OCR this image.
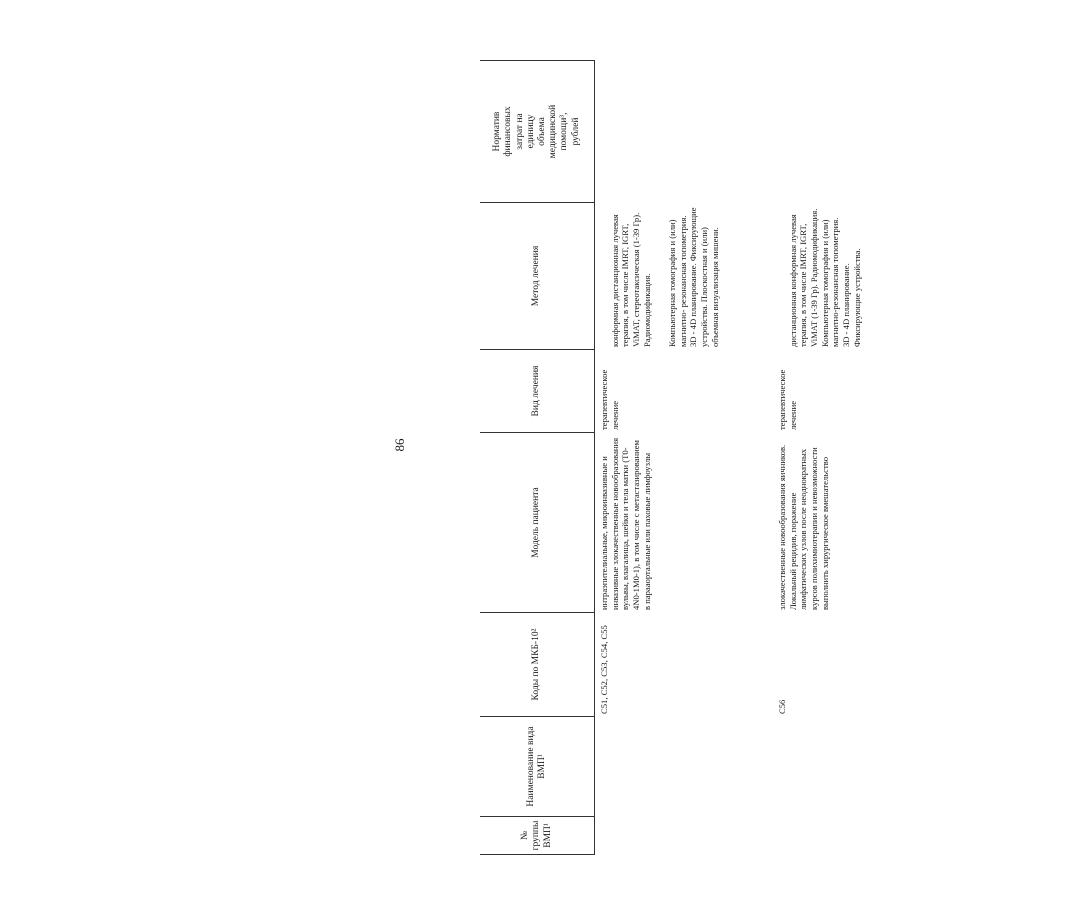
86
№
группы
ВМП¹
Наименование вида ВМП¹
Коды по МКБ-10²
Модель пациента
Вид лечения
Метод лечения
Норматив
финансовых
затрат на
единицу
объема
медицинской
помощи³,
рублей
C51, C52, C53, C54, C55
интраэпителиальные, микроинвазивные и инвазивные злокачественные новообразования вульвы, влагалища, шейки и тела матки (T0-4N0-1M0-1), в том числе с метастазированием в парааортальные или паховые лимфоузлы
терапевтическое лечение

конформная дистанционная лучевая терапия, в том числе IMRT, IGRT, ViMAT, стереотаксическая (1-39 Гр). Радиомодификация. Компьютерная томография и (или) магнитно- резонансная топометрия. 3D - 4D планирование. Фиксирующие устройства. Плоскостная и (или) объемная визуализация мишени.

C56
злокачественные новообразования яичников. Локальный рецидив, поражение лимфатических узлов после неоднократных курсов полихимиотерапии и невозможности выполнить хирургическое вмешательство
терапевтическое лечение

дистанционная конформная лучевая терапия, в том числе IMRT, IGRT, ViMAT (1-39 Гр). Радиомодификация. Компьютерная томография и (или) магнитно-резонансная топометрия.
3D - 4D планирование.
Фиксирующие устройства.
